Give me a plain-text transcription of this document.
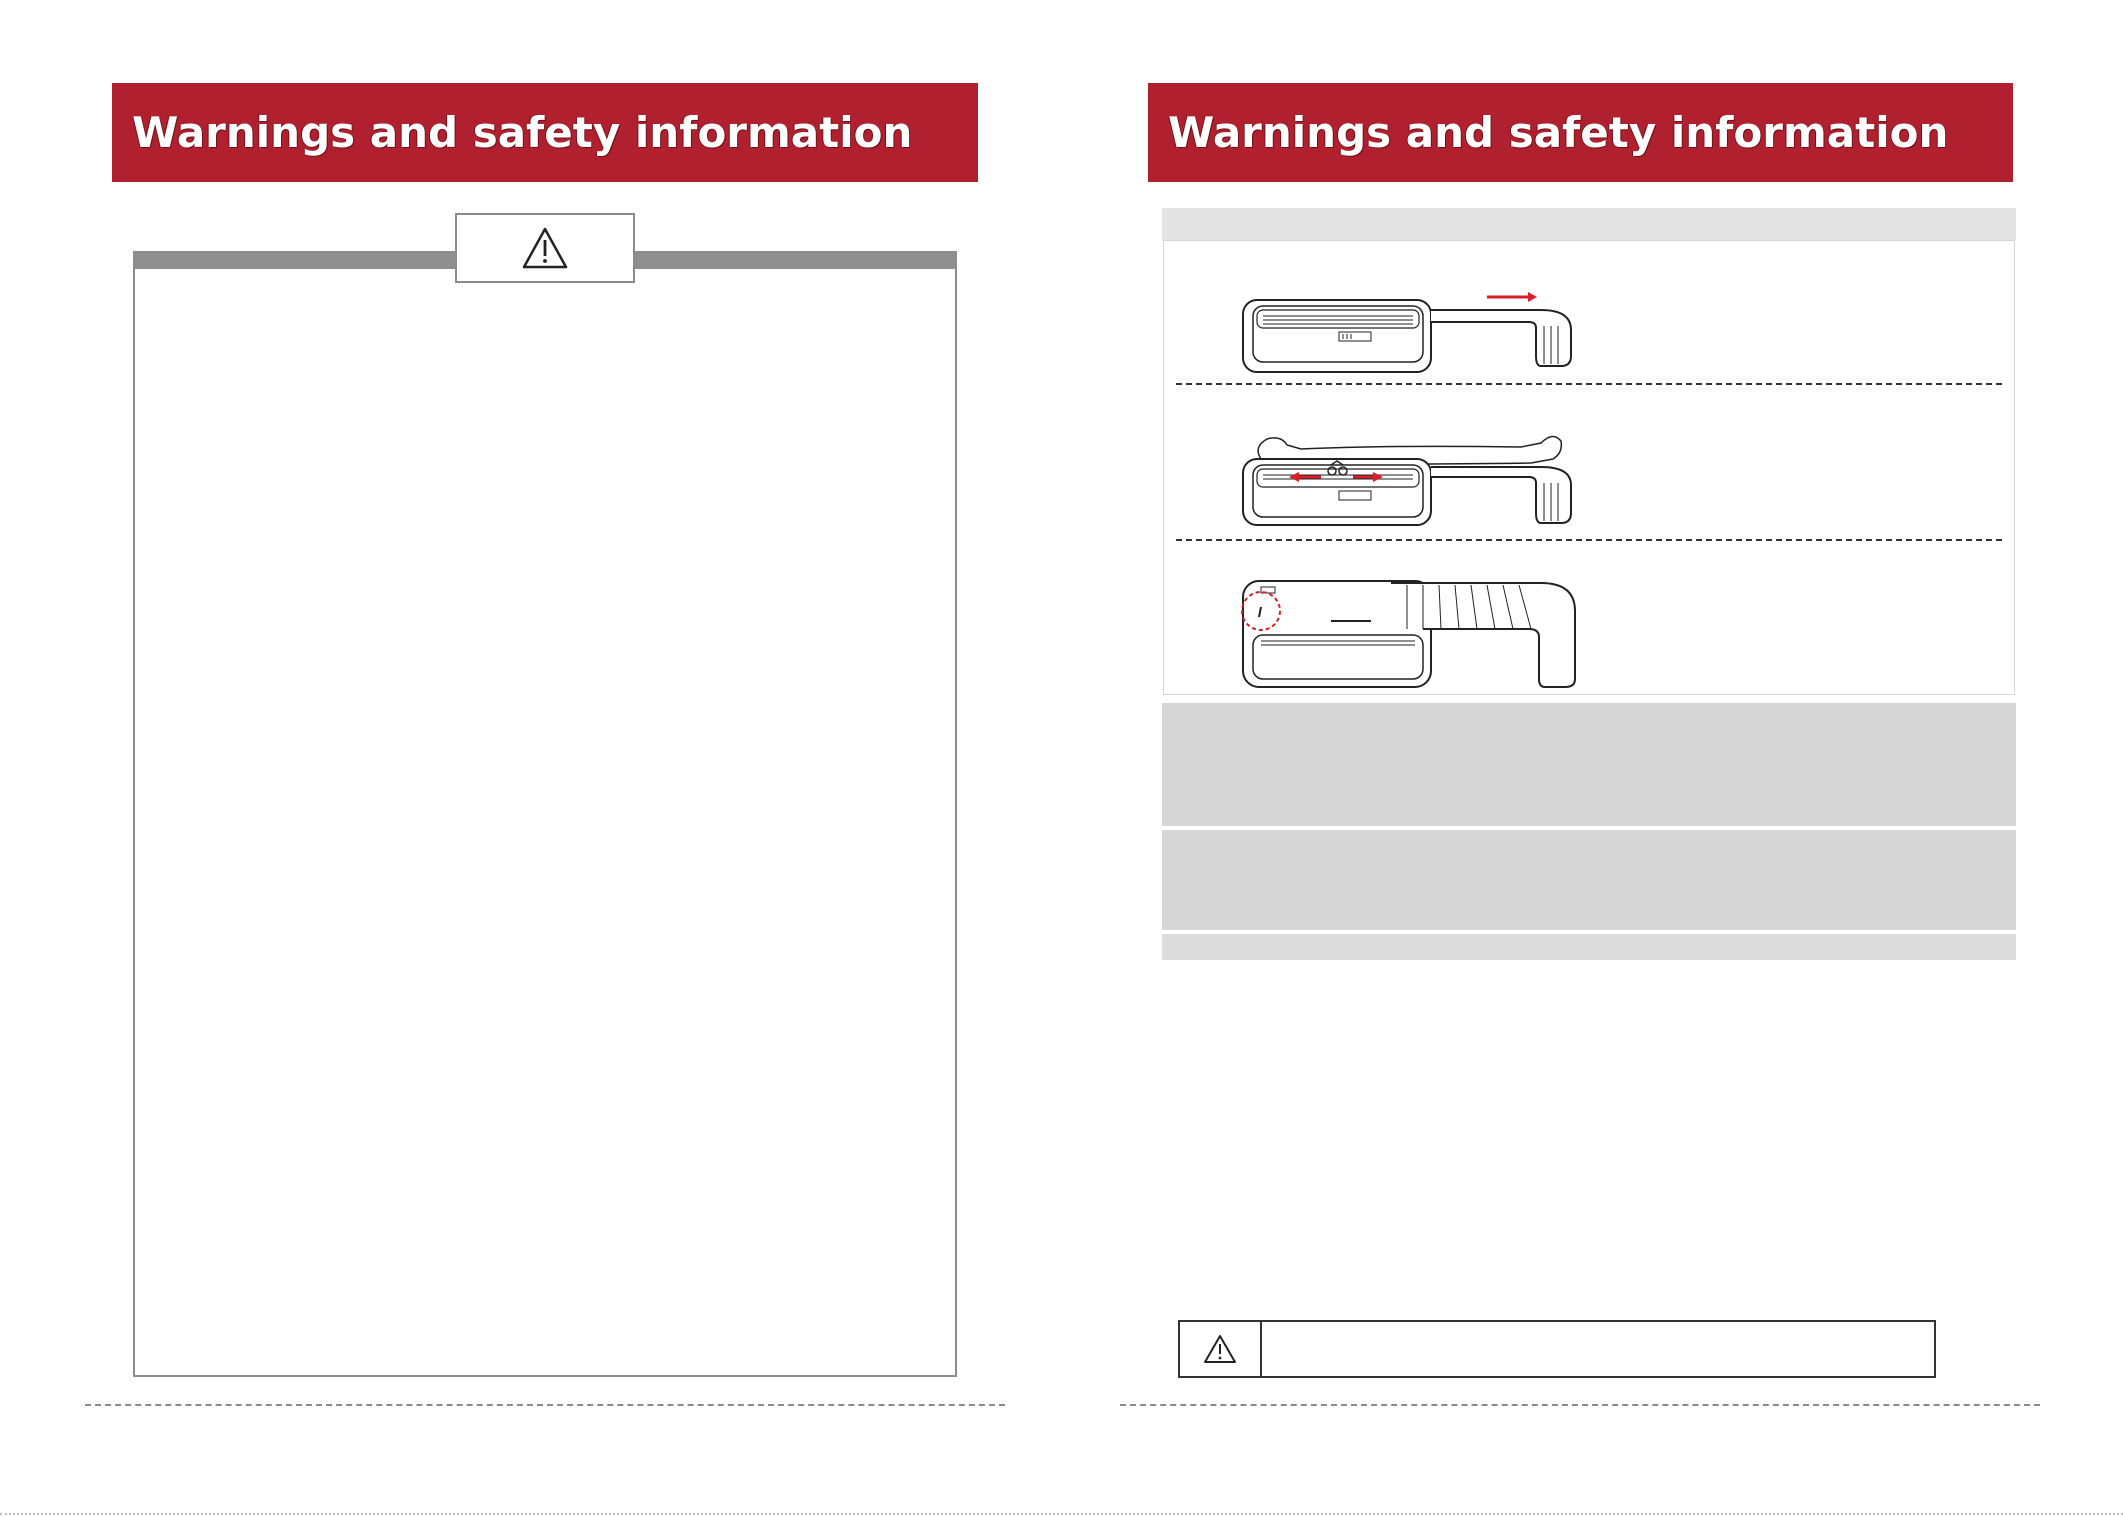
Warnings and safety information	Warnings and safety information
